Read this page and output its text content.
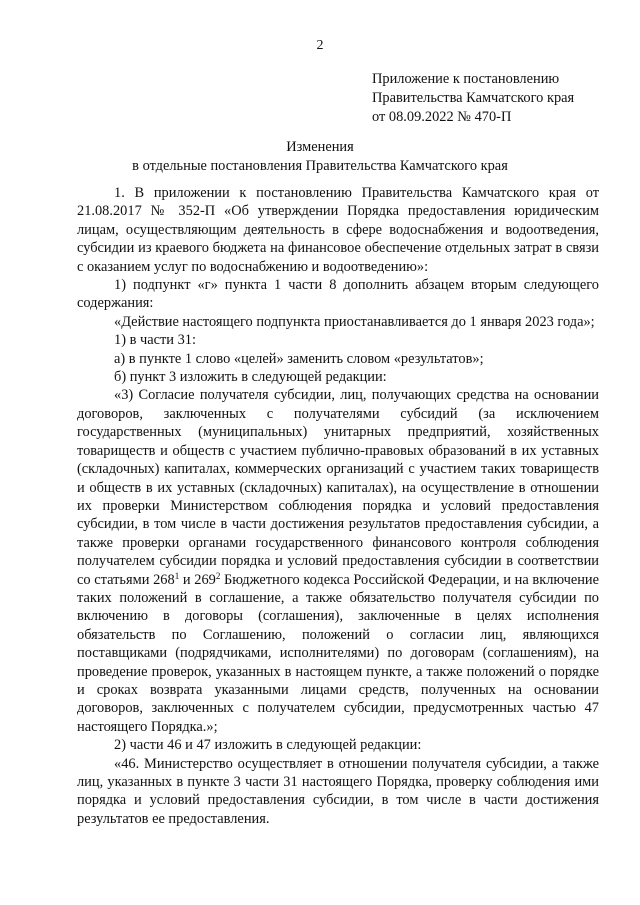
2
Приложение к постановлению
Правительства Камчатского края
от 08.09.2022 № 470-П
Изменения
в отдельные постановления Правительства Камчатского края

1. В приложении к постановлению Правительства Камчатского края от 21.08.2017 № 352-П «Об утверждении Порядка предоставления юридическим лицам, осуществляющим деятельность в сфере водоснабжения и водоотведения, субсидии из краевого бюджета на финансовое обеспечение отдельных затрат в связи с оказанием услуг по водоснабжению и водоотведению»:

1) подпункт «г» пункта 1 части 8 дополнить абзацем вторым следующего содержания:

«Действие настоящего подпункта приостанавливается до 1 января 2023 года»;

1) в части 31:

а) в пункте 1 слово «целей» заменить словом «результатов»;

б) пункт 3 изложить в следующей редакции:

«3) Согласие получателя субсидии, лиц, получающих средства на основании договоров, заключенных с получателями субсидий (за исключением государственных (муниципальных) унитарных предприятий, хозяйственных товариществ и обществ с участием публично-правовых образований в их уставных (складочных) капиталах, коммерческих организаций с участием таких товариществ и обществ в их уставных (складочных) капиталах), на осуществление в отношении их проверки Министерством соблюдения порядка и условий предоставления субсидии, в том числе в части достижения результатов предоставления субсидии, а также проверки органами государственного финансового контроля соблюдения получателем субсидии порядка и условий предоставления субсидии в соответствии со статьями $268^1$ и $269^2$ Бюджетного кодекса Российской Федерации, и на включение таких положений в соглашение, а также обязательство получателя субсидии по включению в договоры (соглашения), заключенные в целях исполнения обязательств по Соглашению, положений о согласии лиц, являющихся поставщиками (подрядчиками, исполнителями) по договорам (соглашениям), на проведение проверок, указанных в настоящем пункте, а также положений о порядке и сроках возврата указанными лицами средств, полученных на основании договоров, заключенных с получателем субсидии, предусмотренных частью 47 настоящего Порядка.»;

2) части 46 и 47 изложить в следующей редакции:

«46. Министерство осуществляет в отношении получателя субсидии, а также лиц, указанных в пункте 3 части 31 настоящего Порядка, проверку соблюдения ими порядка и условий предоставления субсидии, в том числе в части достижения результатов ее предоставления.
